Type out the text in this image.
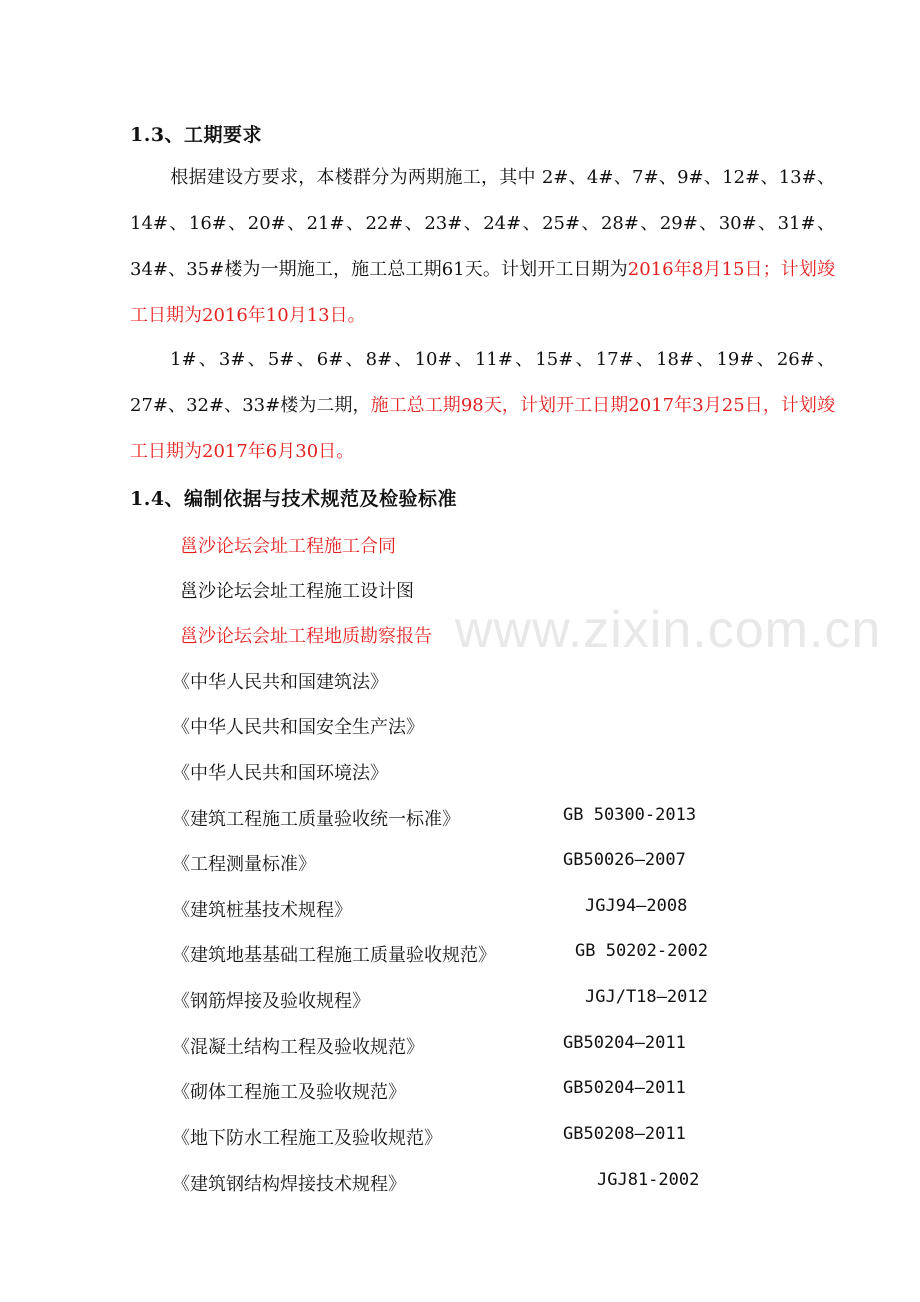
www.zixin.com.cn
1.3、工期要求
根据建设方要求，本楼群分为两期施工，其中 2#、4#、7#、9#、12#、13#、14#、16#、20#、21#、22#、23#、24#、25#、28#、29#、30#、31#、34#、35#楼为一期施工，施工总工期61天。计划开工日期为2016年8月15日；计划竣工日期为2016年10月13日。
1#、3#、5#、6#、8#、10#、11#、15#、17#、18#、19#、26#、27#、32#、33#楼为二期，施工总工期98天，计划开工日期2017年3月25日，计划竣工日期为2017年6月30日。
1.4、编制依据与技术规范及检验标准
邕沙论坛会址工程施工合同
邕沙论坛会址工程施工设计图
邕沙论坛会址工程地质勘察报告
《中华人民共和国建筑法》
《中华人民共和国安全生产法》
《中华人民共和国环境法》
《建筑工程施工质量验收统一标准》	GB 50300-2013
《工程测量标准》	GB50026—2007
《建筑桩基技术规程》	JGJ94—2008
《建筑地基基础工程施工质量验收规范》	GB 50202-2002
《钢筋焊接及验收规程》	JGJ/T18—2012
《混凝土结构工程及验收规范》	GB50204—2011
《砌体工程施工及验收规范》	GB50204—2011
《地下防水工程施工及验收规范》	GB50208—2011
《建筑钢结构焊接技术规程》	JGJ81-2002
